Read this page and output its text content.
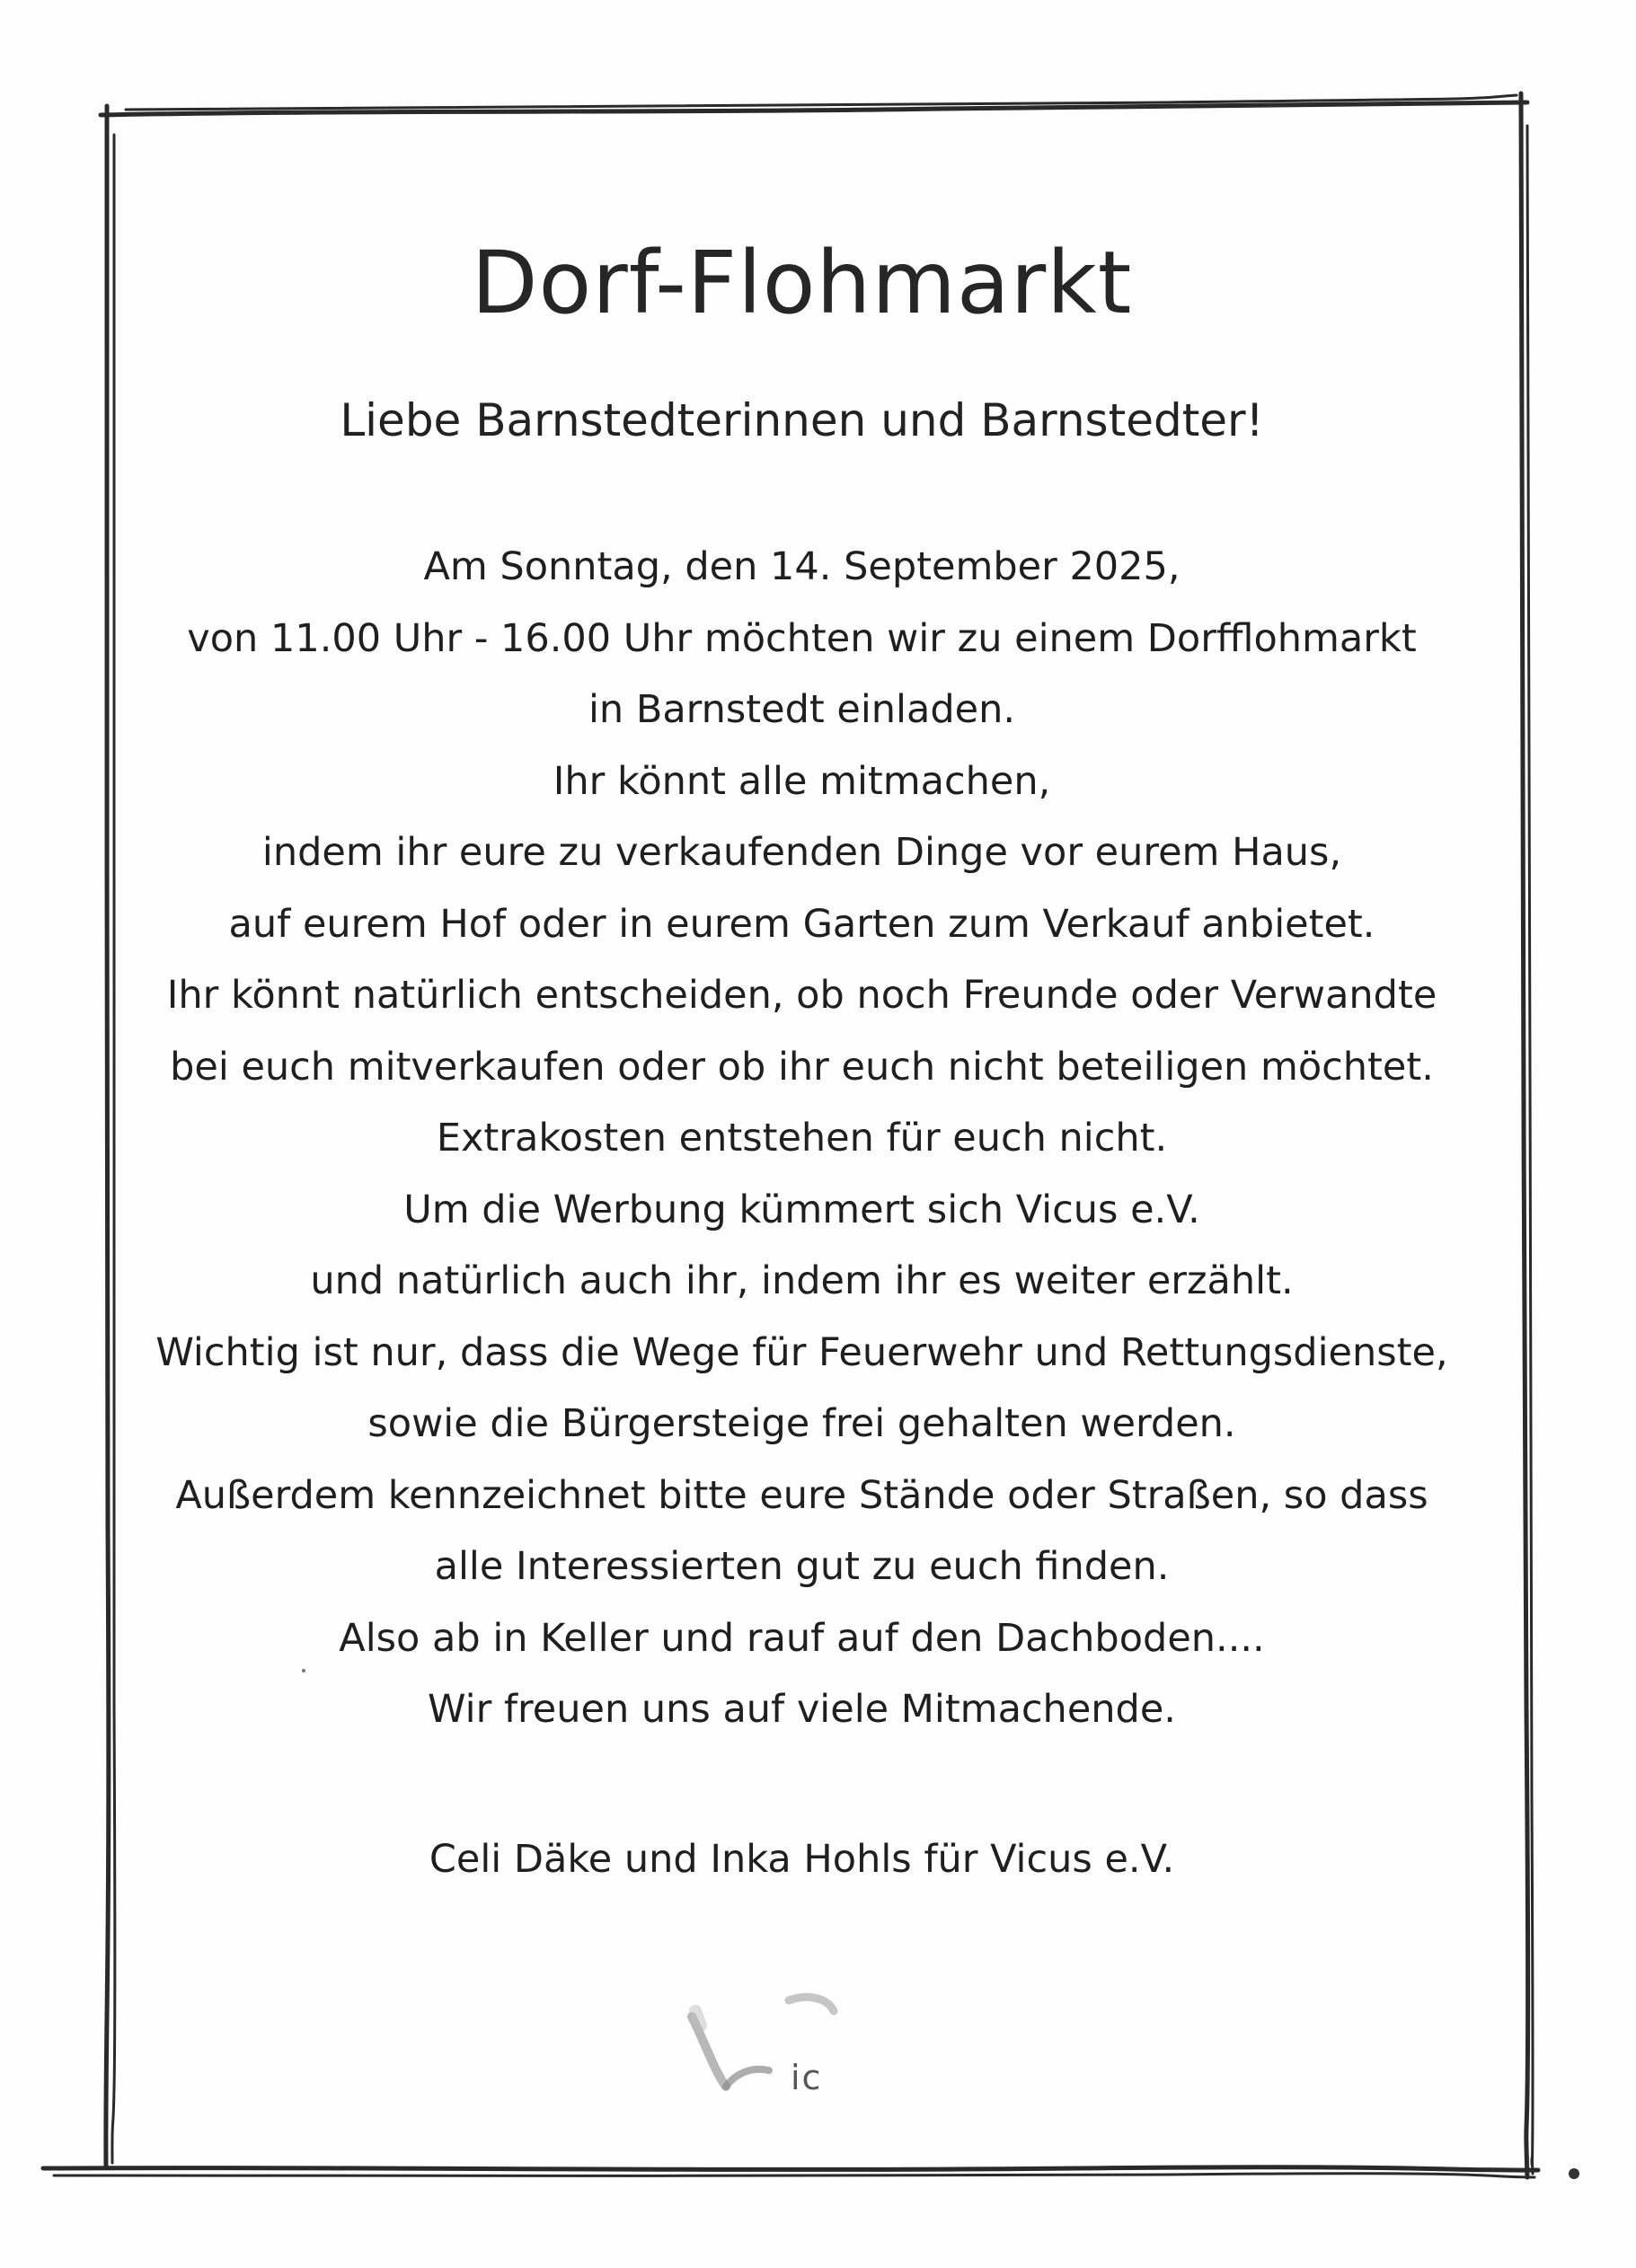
Dorf-Flohmarkt

Liebe Barnstedterinnen und Barnstedter!

Am Sonntag, den 14. September 2025,
von 11.00 Uhr - 16.00 Uhr möchten wir zu einem Dorfflohmarkt
in Barnstedt einladen.
Ihr könnt alle mitmachen,
indem ihr eure zu verkaufenden Dinge vor eurem Haus,
auf eurem Hof oder in eurem Garten zum Verkauf anbietet.
Ihr könnt natürlich entscheiden, ob noch Freunde oder Verwandte
bei euch mitverkaufen oder ob ihr euch nicht beteiligen möchtet.
Extrakosten entstehen für euch nicht.
Um die Werbung kümmert sich Vicus e.V.
und natürlich auch ihr, indem ihr es weiter erzählt.
Wichtig ist nur, dass die Wege für Feuerwehr und Rettungsdienste,
sowie die Bürgersteige frei gehalten werden.
Außerdem kennzeichnet bitte eure Stände oder Straßen, so dass
alle Interessierten gut zu euch finden.
Also ab in Keller und rauf auf den Dachboden....
Wir freuen uns auf viele Mitmachende.
Celi Däke und Inka Hohls für Vicus e.V.
ic
